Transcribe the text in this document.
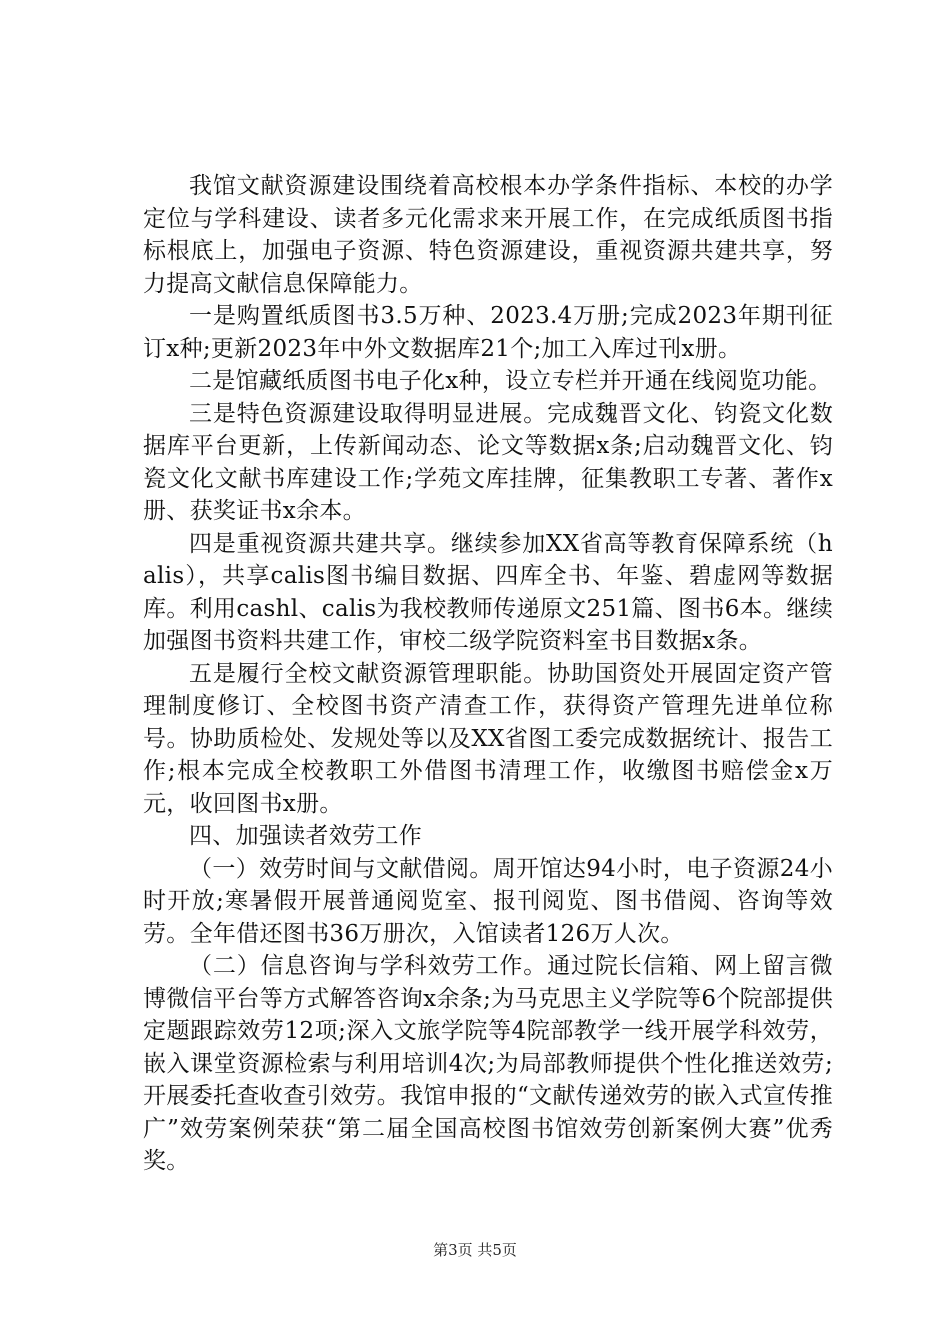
我馆文献资源建设围绕着高校根本办学条件指标、本校的办学定位与学科建设、读者多元化需求来开展工作，在完成纸质图书指标根底上，加强电子资源、特色资源建设，重视资源共建共享，努力提高文献信息保障能力。

一是购置纸质图书3.5万种、2023.4万册;完成2023年期刊征订x种;更新2023年中外文数据库21个;加工入库过刊x册。

二是馆藏纸质图书电子化x种，设立专栏并开通在线阅览功能。

三是特色资源建设取得明显进展。完成魏晋文化、钧瓷文化数据库平台更新，上传新闻动态、论文等数据x条;启动魏晋文化、钧瓷文化文献书库建设工作;学苑文库挂牌，征集教职工专著、著作x册、获奖证书x余本。

四是重视资源共建共享。继续参加XX省高等教育保障系统（halis），共享calis图书编目数据、四库全书、年鉴、碧虚网等数据库。利用cashl、calis为我校教师传递原文251篇、图书6本。继续加强图书资料共建工作，审校二级学院资料室书目数据x条。

五是履行全校文献资源管理职能。协助国资处开展固定资产管理制度修订、全校图书资产清查工作，获得资产管理先进单位称号。协助质检处、发规处等以及XX省图工委完成数据统计、报告工作;根本完成全校教职工外借图书清理工作，收缴图书赔偿金x万元，收回图书x册。

四、加强读者效劳工作

（一）效劳时间与文献借阅。周开馆达94小时，电子资源24小时开放;寒暑假开展普通阅览室、报刊阅览、图书借阅、咨询等效劳。全年借还图书36万册次，入馆读者126万人次。

（二）信息咨询与学科效劳工作。通过院长信箱、网上留言微博微信平台等方式解答咨询x余条;为马克思主义学院等6个院部提供定题跟踪效劳12项;深入文旅学院等4院部教学一线开展学科效劳，嵌入课堂资源检索与利用培训4次;为局部教师提供个性化推送效劳;开展委托查收查引效劳。我馆申报的“文献传递效劳的嵌入式宣传推广”效劳案例荣获“第二届全国高校图书馆效劳创新案例大赛”优秀奖。

第3页 共5页
